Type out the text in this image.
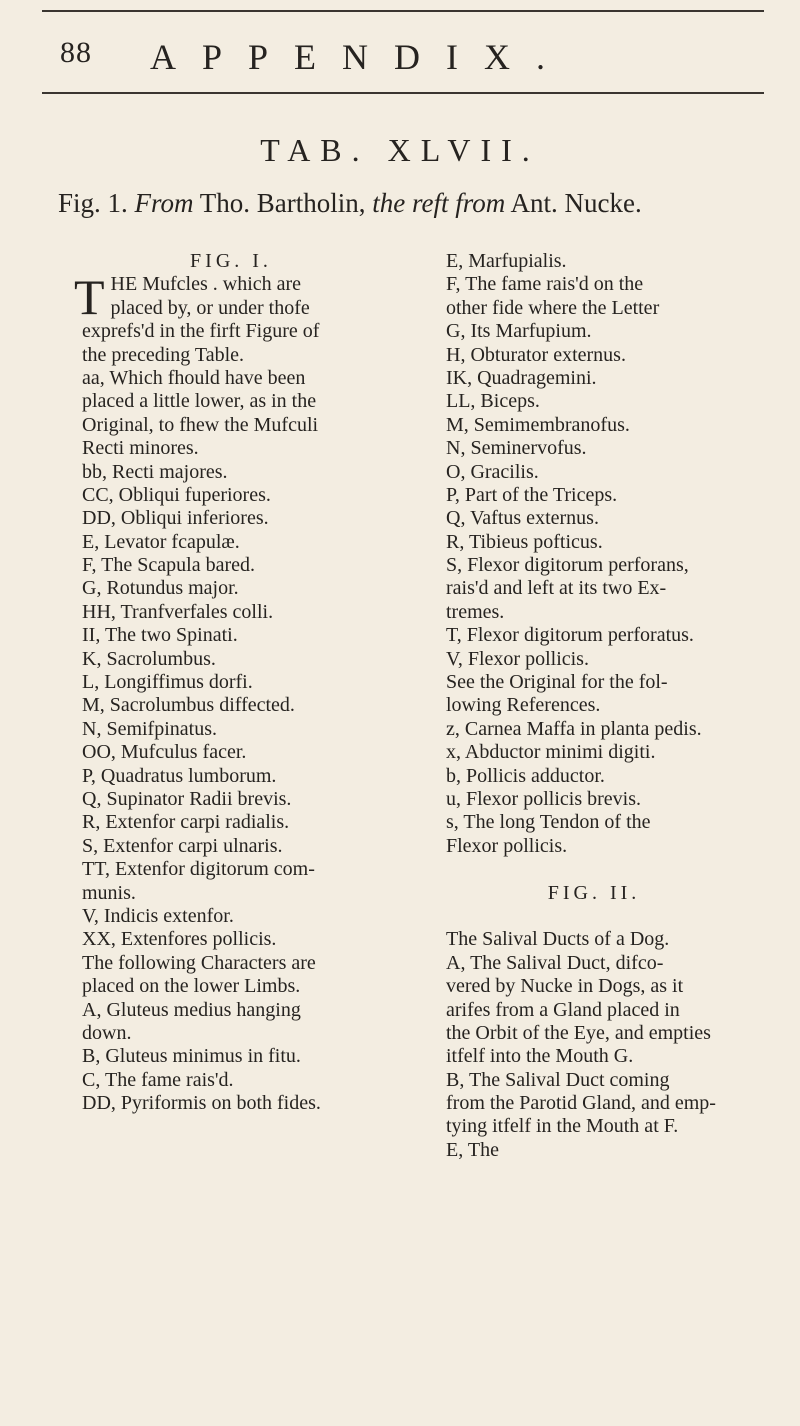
88 APPENDIX.
TAB. XLVII.
Fig. 1. From Tho. Bartholin, the reft from Ant. Nucke.
FIG. I.
T HE Mufcles . which are
placed by, or under thofe
exprefs'd in the firft Figure of
the preceding Table.
aa, Which fhould have been
placed a little lower, as in the
Original, to fhew the Mufculi
Recti minores.
bb, Recti majores.
CC, Obliqui fuperiores.
DD, Obliqui inferiores.
E, Levator fcapulæ.
F, The Scapula bared.
G, Rotundus major.
HH, Tranfverfales colli.
II, The two Spinati.
K, Sacrolumbus.
L, Longiffimus dorfi.
M, Sacrolumbus diffected.
N, Semifpinatus.
OO, Mufculus facer.
P, Quadratus lumborum.
Q, Supinator Radii brevis.
R, Extenfor carpi radialis.
S, Extenfor carpi ulnaris.
TT, Extenfor digitorum com-
munis.
V, Indicis extenfor.
XX, Extenfores pollicis.
The following Characters are
placed on the lower Limbs.
A, Gluteus medius hanging
down.
B, Gluteus minimus in fitu.
C, The fame rais'd.
DD, Pyriformis on both fides.
E, Marfupialis.
F, The fame rais'd on the
other fide where the Letter
G, Its Marfupium.
H, Obturator externus.
IK, Quadragemini.
LL, Biceps.
M, Semimembranofus.
N, Seminervofus.
O, Gracilis.
P, Part of the Triceps.
Q, Vaftus externus.
R, Tibieus pofticus.
S, Flexor digitorum perforans,
rais'd and left at its two Ex-
tremes.
T, Flexor digitorum perforatus.
V, Flexor pollicis.
See the Original for the fol-
lowing References.
z, Carnea Maffa in planta pedis.
x, Abductor minimi digiti.
b, Pollicis adductor.
u, Flexor pollicis brevis.
s, The long Tendon of the
Flexor pollicis.
FIG. II.
The Salival Ducts of a Dog.
A, The Salival Duct, difco-
vered by Nucke in Dogs, as it
arifes from a Gland placed in
the Orbit of the Eye, and empties
itfelf into the Mouth G.
B, The Salival Duct coming
from the Parotid Gland, and emp-
tying itfelf in the Mouth at F.
E, The
